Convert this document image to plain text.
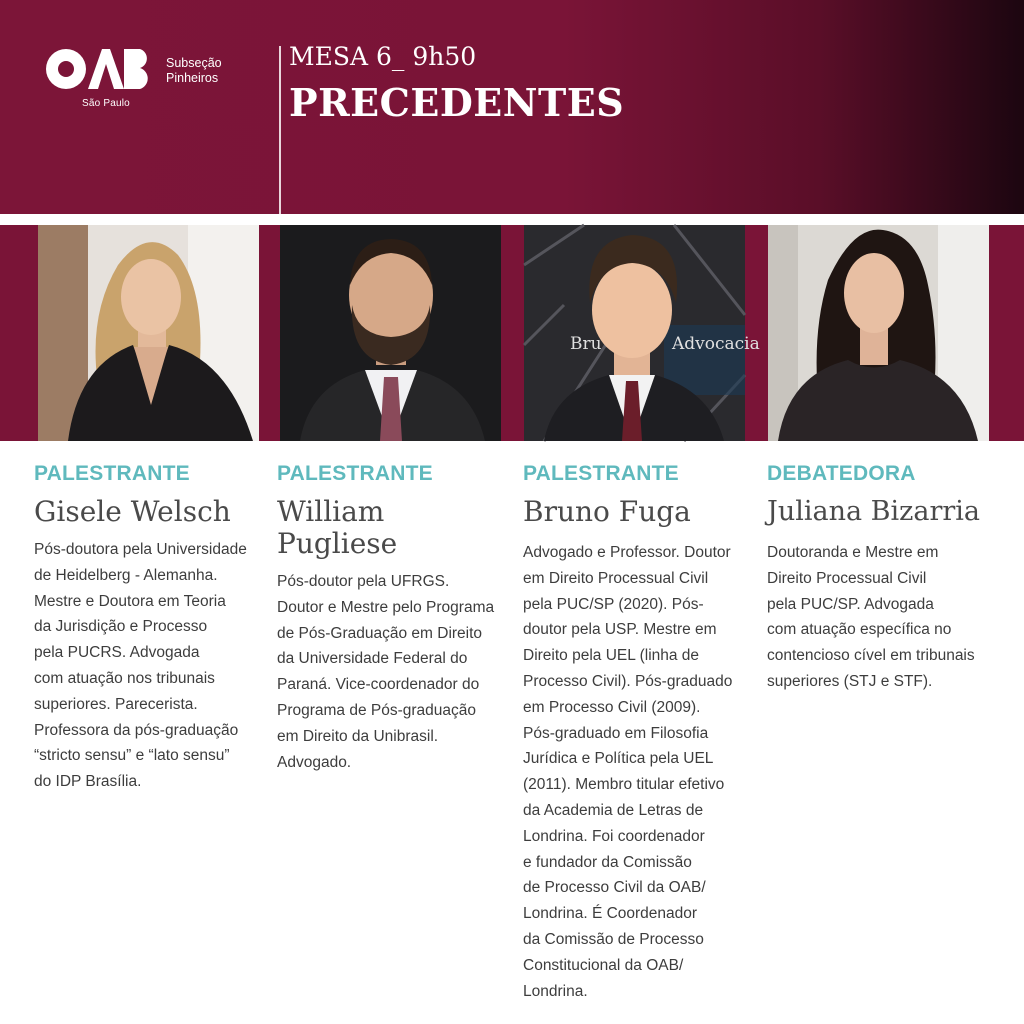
São Paulo
Subseção
Pinheiros
MESA 6_ 9h50
PRECEDENTES
Advocacia
Bru

PALESTRANTE

Gisele Welsch

Pós-doutora pela Universidade
de Heidelberg - Alemanha.
Mestre e Doutora em Teoria
da Jurisdição e Processo
pela PUCRS. Advogada
com atuação nos tribunais
superiores. Parecerista.
Professora da pós-graduação
“stricto sensu” e “lato sensu”
do IDP Brasília.

PALESTRANTE

William
Pugliese

Pós-doutor pela UFRGS.
Doutor e Mestre pelo Programa
de Pós-Graduação em Direito
da Universidade Federal do
Paraná. Vice-coordenador do
Programa de Pós-graduação
em Direito da Unibrasil.
Advogado.

PALESTRANTE

Bruno Fuga

Advogado e Professor. Doutor
em Direito Processual Civil
pela PUC/SP (2020). Pós-
doutor pela USP. Mestre em
Direito pela UEL (linha de
Processo Civil). Pós-graduado
em Processo Civil (2009).
Pós-graduado em Filosofia
Jurídica e Política pela UEL
(2011). Membro titular efetivo
da Academia de Letras de
Londrina. Foi coordenador
e fundador da Comissão
de Processo Civil da OAB/
Londrina. É Coordenador
da Comissão de Processo
Constitucional da OAB/
Londrina.

DEBATEDORA

Juliana Bizarria

Doutoranda e Mestre em
Direito Processual Civil
pela PUC/SP. Advogada
com atuação específica no
contencioso cível em tribunais
superiores (STJ e STF).
